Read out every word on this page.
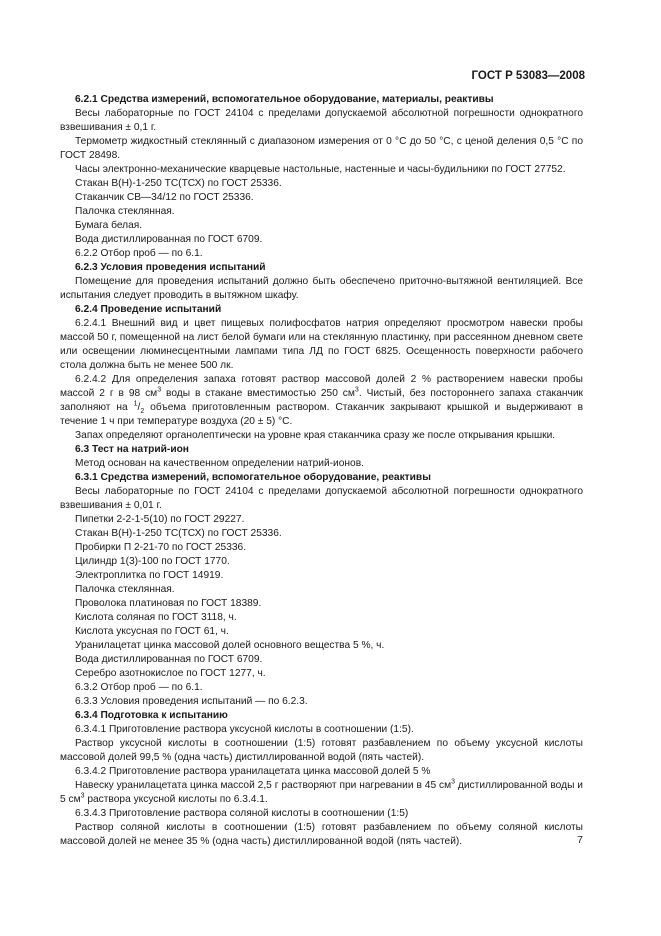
ГОСТ Р 53083—2008

6.2.1 Средства измерений, вспомогательное оборудование, материалы, реактивы

Весы лабораторные по ГОСТ 24104 с пределами допускаемой абсолютной погрешности однократного взвешивания ± 0,1 г.

Термометр жидкостный стеклянный с диапазоном измерения от 0 °С до 50 °С, с ценой деления 0,5 °С по ГОСТ 28498.

Часы электронно-механические кварцевые настольные, настенные и часы-будильники по ГОСТ 27752.

Стакан В(Н)-1-250 ТС(ТСХ) по ГОСТ 25336.

Стаканчик СВ—34/12 по ГОСТ 25336.

Палочка стеклянная.

Бумага белая.

Вода дистиллированная по ГОСТ 6709.

6.2.2 Отбор проб — по 6.1.

6.2.3 Условия проведения испытаний

Помещение для проведения испытаний должно быть обеспечено приточно-вытяжной вентиляцией. Все испытания следует проводить в вытяжном шкафу.

6.2.4 Проведение испытаний

6.2.4.1 Внешний вид и цвет пищевых полифосфатов натрия определяют просмотром навески пробы массой 50 г, помещенной на лист белой бумаги или на стеклянную пластинку, при рассеянном дневном свете или освещении люминесцентными лампами типа ЛД по ГОСТ 6825. Осещенность поверхности рабочего стола должна быть не менее 500 лк.

6.2.4.2 Для определения запаха готовят раствор массовой долей 2 % растворением навески пробы массой 2 г в 98 $см^3$ воды в стакане вместимостью 250 $см^3$. Чистый, без постороннего запаха стаканчик заполняют на $^1/_2$ объема приготовленным раствором. Стаканчик закрывают крышкой и выдерживают в течение 1 ч при температуре воздуха (20 ± 5) °С.

Запах определяют органолептически на уровне края стаканчика сразу же после открывания крышки.

6.3 Тест на натрий-ион

Метод основан на качественном определении натрий-ионов.

6.3.1 Средства измерений, вспомогательное оборудование, реактивы

Весы лабораторные по ГОСТ 24104 с пределами допускаемой абсолютной погрешности однократного взвешивания ± 0,01 г.

Пипетки 2-2-1-5(10) по ГОСТ 29227.

Стакан В(Н)-1-250 ТС(ТСХ) по ГОСТ 25336.

Пробирки П 2-21-70 по ГОСТ 25336.

Цилиндр 1(3)-100 по ГОСТ 1770.

Электроплитка по ГОСТ 14919.

Палочка стеклянная.

Проволока платиновая по ГОСТ 18389.

Кислота соляная по ГОСТ 3118, ч.

Кислота уксусная по ГОСТ 61, ч.

Уранилацетат цинка массовой долей основного вещества 5 %, ч.

Вода дистиллированная по ГОСТ 6709.

Серебро азотнокислое по ГОСТ 1277, ч.

6.3.2 Отбор проб — по 6.1.

6.3.3 Условия проведения испытаний — по 6.2.3.

6.3.4 Подготовка к испытанию

6.3.4.1 Приготовление раствора уксусной кислоты в соотношении (1:5).

Раствор уксусной кислоты в соотношении (1:5) готовят разбавлением по объему уксусной кислоты массовой долей 99,5 % (одна часть) дистиллированной водой (пять частей).

6.3.4.2 Приготовление раствора уранилацетата цинка массовой долей 5 %

Навеску уранилацетата цинка массой 2,5 г растворяют при нагревании в 45 $см^3$ дистиллированной воды и 5 $см^3$ раствора уксусной кислоты по 6.3.4.1.

6.3.4.3 Приготовление раствора соляной кислоты в соотношении (1:5)

Раствор соляной кислоты в соотношении (1:5) готовят разбавлением по объему соляной кислоты массовой долей не менее 35 % (одна часть) дистиллированной водой (пять частей).	7
